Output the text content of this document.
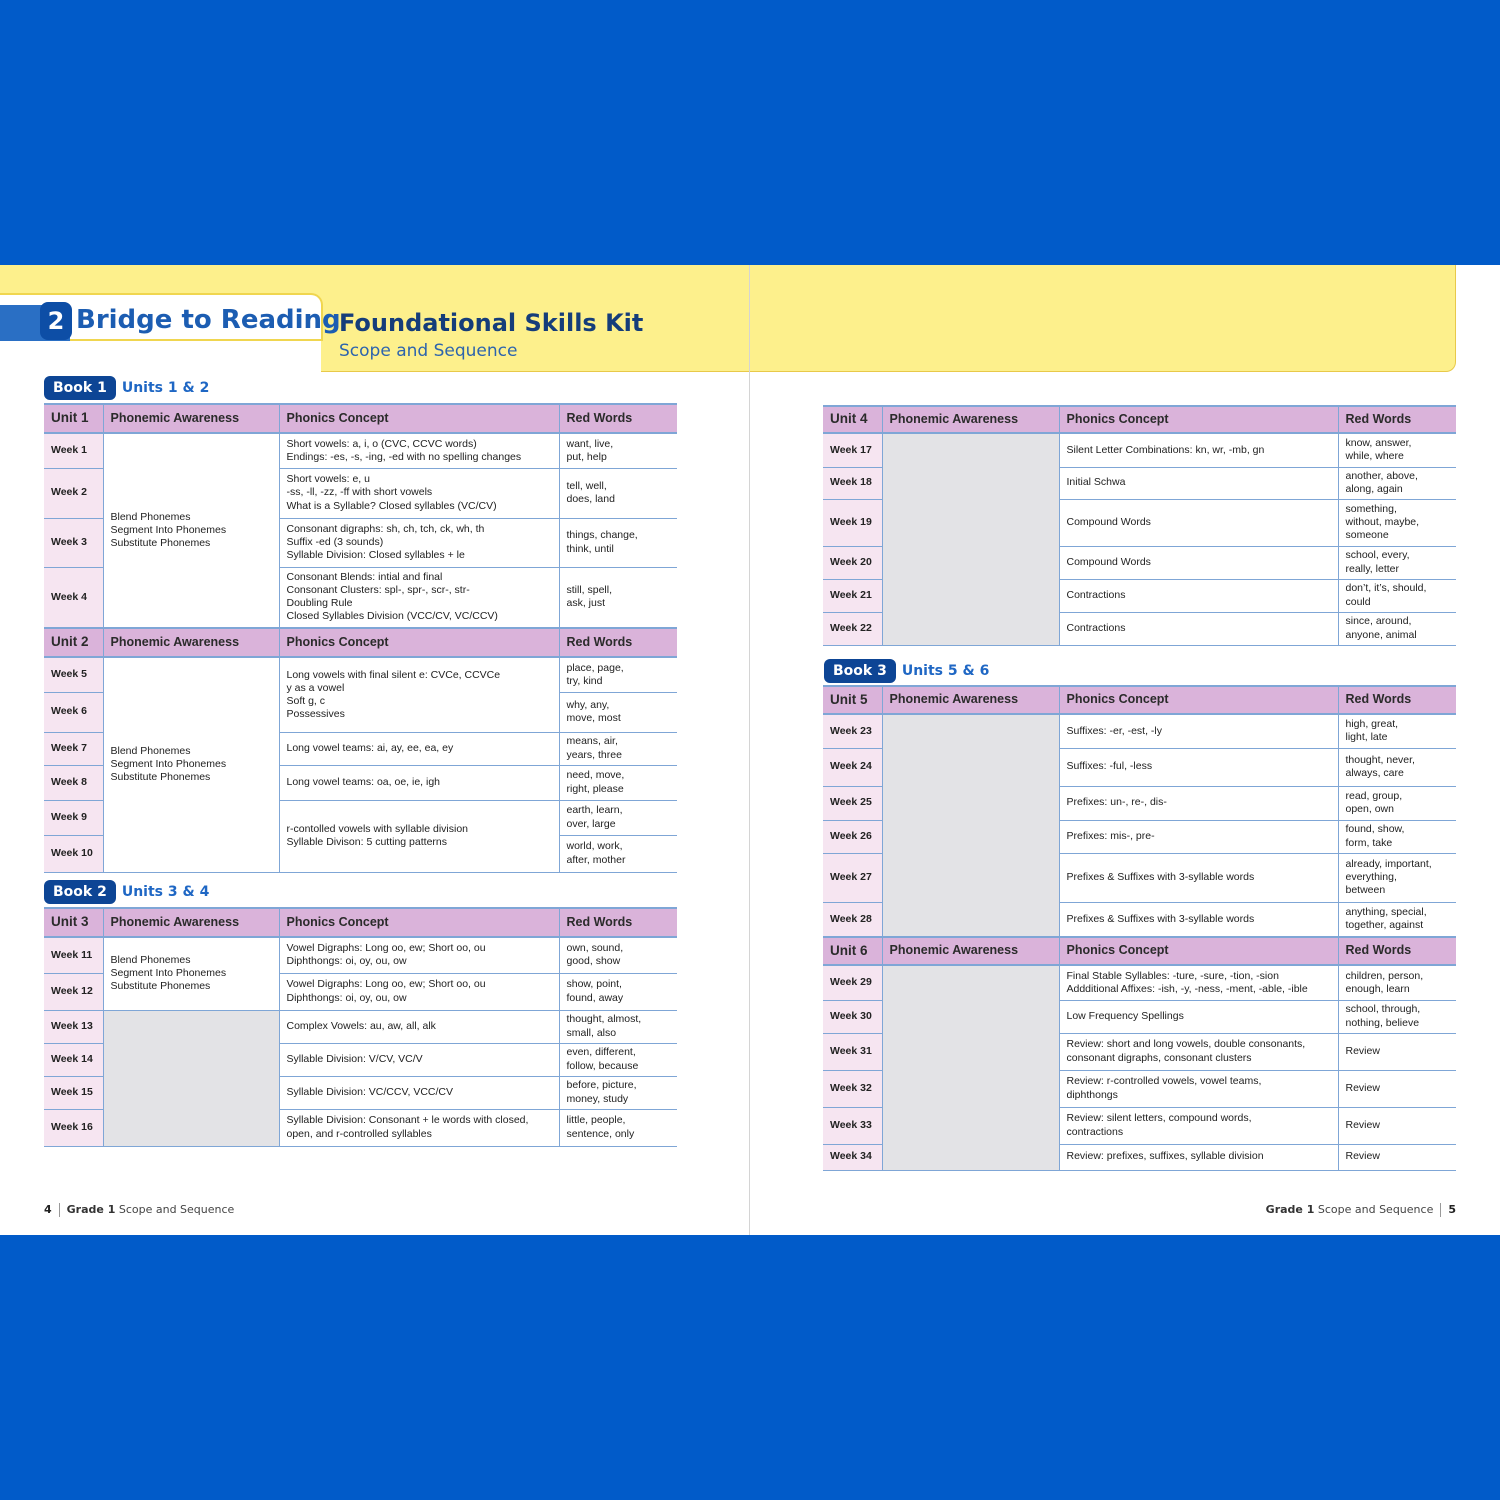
2 Bridge to Reading
Foundational Skills Kit
Scope and Sequence
Book 1 Units 1 & 2
Unit 1	Phonemic Awareness	Phonics Concept	Red Words
Week 1	Blend Phonemes
Segment Into Phonemes
Substitute Phonemes	Short vowels: a, i, o (CVC, CCVC words)
Endings: -es, -s, -ing, -ed with no spelling changes	want, live,
put, help

Week 2		Short vowels: e, u
-ss, -ll, -zz, -ff with short vowels
What is a Syllable? Closed syllables (VC/CV)	tell, well,
does, land

Week 3		Consonant digraphs: sh, ch, tch, ck, wh, th
Suffix -ed (3 sounds)
Syllable Division: Closed syllables + le	things, change,
think, until

Week 4		Consonant Blends: intial and final
Consonant Clusters: spl-, spr-, scr-, str-
Doubling Rule
Closed Syllables Division (VCC/CV, VC/CCV)	still, spell,
ask, just

Unit 2	Phonemic Awareness	Phonics Concept	Red Words
Week 5	Blend Phonemes
Segment Into Phonemes
Substitute Phonemes	Long vowels with final silent e: CVCe, CCVCe
y as a vowel
Soft g, c
Possessives	place, page,
try, kind

Week 6			why, any,
move, most

Week 7		Long vowel teams: ai, ay, ee, ea, ey	means, air,
years, three

Week 8		Long vowel teams: oa, oe, ie, igh	need, move,
right, please

Week 9		r-contolled vowels with syllable division
Syllable Divison: 5 cutting patterns	earth, learn,
over, large

Week 10			world, work,
after, mother
Book 2 Units 3 & 4
Unit 3	Phonemic Awareness	Phonics Concept	Red Words
Week 11	Blend Phonemes
Segment Into Phonemes
Substitute Phonemes	Vowel Digraphs: Long oo, ew; Short oo, ou
Diphthongs: oi, oy, ou, ow	own, sound,
good, show

Week 12		Vowel Digraphs: Long oo, ew; Short oo, ou
Diphthongs: oi, oy, ou, ow	show, point,
found, away

Week 13		Complex Vowels: au, aw, all, alk	thought, almost,
small, also

Week 14		Syllable Division: V/CV, VC/V	even, different,
follow, because

Week 15		Syllable Division: VC/CCV, VCC/CV	before, picture,
money, study

Week 16		Syllable Division: Consonant + le words with closed,
open, and r-controlled syllables	little, people,
sentence, only
Unit 4	Phonemic Awareness	Phonics Concept	Red Words
Week 17		Silent Letter Combinations: kn, wr, -mb, gn	know, answer,
while, where

Week 18		Initial Schwa	another, above,
along, again

Week 19		Compound Words	something,
without, maybe,
someone

Week 20		Compound Words	school, every,
really, letter

Week 21		Contractions	don’t, it’s, should,
could

Week 22		Contractions	since, around,
anyone, animal
Book 3 Units 5 & 6
Unit 5	Phonemic Awareness	Phonics Concept	Red Words
Week 23		Suffixes: -er, -est, -ly	high, great,
light, late

Week 24		Suffixes: -ful, -less	thought, never,
always, care

Week 25		Prefixes: un-, re-, dis-	read, group,
open, own

Week 26		Prefixes: mis-, pre-	found, show,
form, take

Week 27		Prefixes & Suffixes with 3-syllable words	already, important,
everything,
between

Week 28		Prefixes & Suffixes with 3-syllable words	anything, special,
together, against

Unit 6	Phonemic Awareness	Phonics Concept	Red Words
Week 29		Final Stable Syllables: -ture, -sure, -tion, -sion
Addditional Affixes: -ish, -y, -ness, -ment, -able, -ible	children, person,
enough, learn

Week 30		Low Frequency Spellings	school, through,
nothing, believe

Week 31		Review: short and long vowels, double consonants,
consonant digraphs, consonant clusters	Review

Week 32		Review: r-controlled vowels, vowel teams,
diphthongs	Review

Week 33		Review: silent letters, compound words,
contractions	Review

Week 34		Review: prefixes, suffixes, syllable division	Review
4 Grade 1 Scope and Sequence	Grade 1 Scope and Sequence 5
